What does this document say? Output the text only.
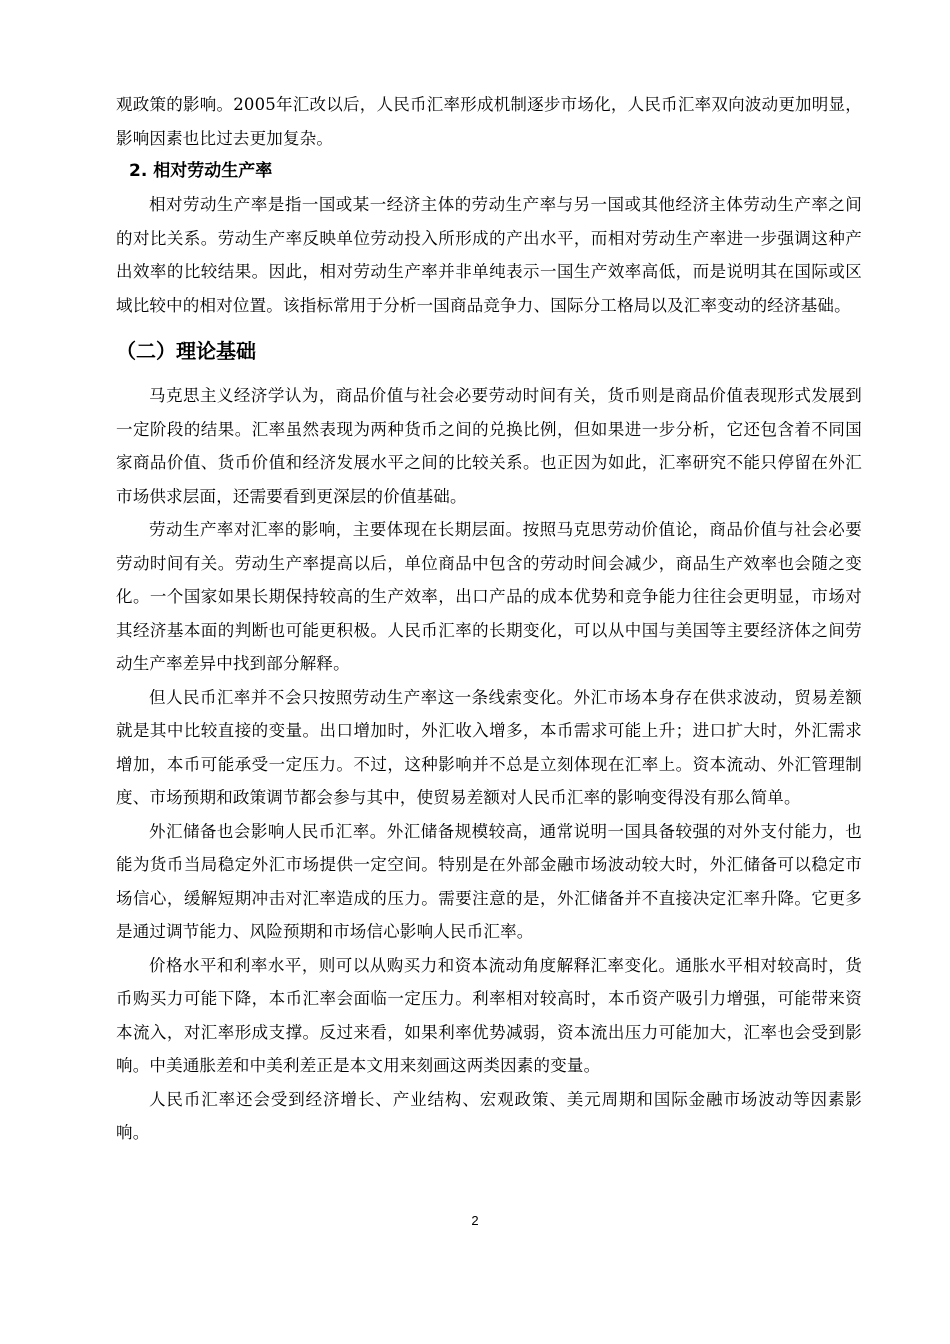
观政策的影响。2005年汇改以后，人民币汇率形成机制逐步市场化，人民币汇率双向波动更加明显，影响因素也比过去更加复杂。

2. 相对劳动生产率

相对劳动生产率是指一国或某一经济主体的劳动生产率与另一国或其他经济主体劳动生产率之间的对比关系。劳动生产率反映单位劳动投入所形成的产出水平，而相对劳动生产率进一步强调这种产出效率的比较结果。因此，相对劳动生产率并非单纯表示一国生产效率高低，而是说明其在国际或区域比较中的相对位置。该指标常用于分析一国商品竞争力、国际分工格局以及汇率变动的经济基础。

（二）理论基础

马克思主义经济学认为，商品价值与社会必要劳动时间有关，货币则是商品价值表现形式发展到一定阶段的结果。汇率虽然表现为两种货币之间的兑换比例，但如果进一步分析，它还包含着不同国家商品价值、货币价值和经济发展水平之间的比较关系。也正因为如此，汇率研究不能只停留在外汇市场供求层面，还需要看到更深层的价值基础。

劳动生产率对汇率的影响，主要体现在长期层面。按照马克思劳动价值论，商品价值与社会必要劳动时间有关。劳动生产率提高以后，单位商品中包含的劳动时间会减少，商品生产效率也会随之变化。一个国家如果长期保持较高的生产效率，出口产品的成本优势和竞争能力往往会更明显，市场对其经济基本面的判断也可能更积极。人民币汇率的长期变化，可以从中国与美国等主要经济体之间劳动生产率差异中找到部分解释。

但人民币汇率并不会只按照劳动生产率这一条线索变化。外汇市场本身存在供求波动，贸易差额就是其中比较直接的变量。出口增加时，外汇收入增多，本币需求可能上升；进口扩大时，外汇需求增加，本币可能承受一定压力。不过，这种影响并不总是立刻体现在汇率上。资本流动、外汇管理制度、市场预期和政策调节都会参与其中，使贸易差额对人民币汇率的影响变得没有那么简单。

外汇储备也会影响人民币汇率。外汇储备规模较高，通常说明一国具备较强的对外支付能力，也能为货币当局稳定外汇市场提供一定空间。特别是在外部金融市场波动较大时，外汇储备可以稳定市场信心，缓解短期冲击对汇率造成的压力。需要注意的是，外汇储备并不直接决定汇率升降。它更多是通过调节能力、风险预期和市场信心影响人民币汇率。

价格水平和利率水平，则可以从购买力和资本流动角度解释汇率变化。通胀水平相对较高时，货币购买力可能下降，本币汇率会面临一定压力。利率相对较高时，本币资产吸引力增强，可能带来资本流入，对汇率形成支撑。反过来看，如果利率优势减弱，资本流出压力可能加大，汇率也会受到影响。中美通胀差和中美利差正是本文用来刻画这两类因素的变量。

人民币汇率还会受到经济增长、产业结构、宏观政策、美元周期和国际金融市场波动等因素影响。

2
